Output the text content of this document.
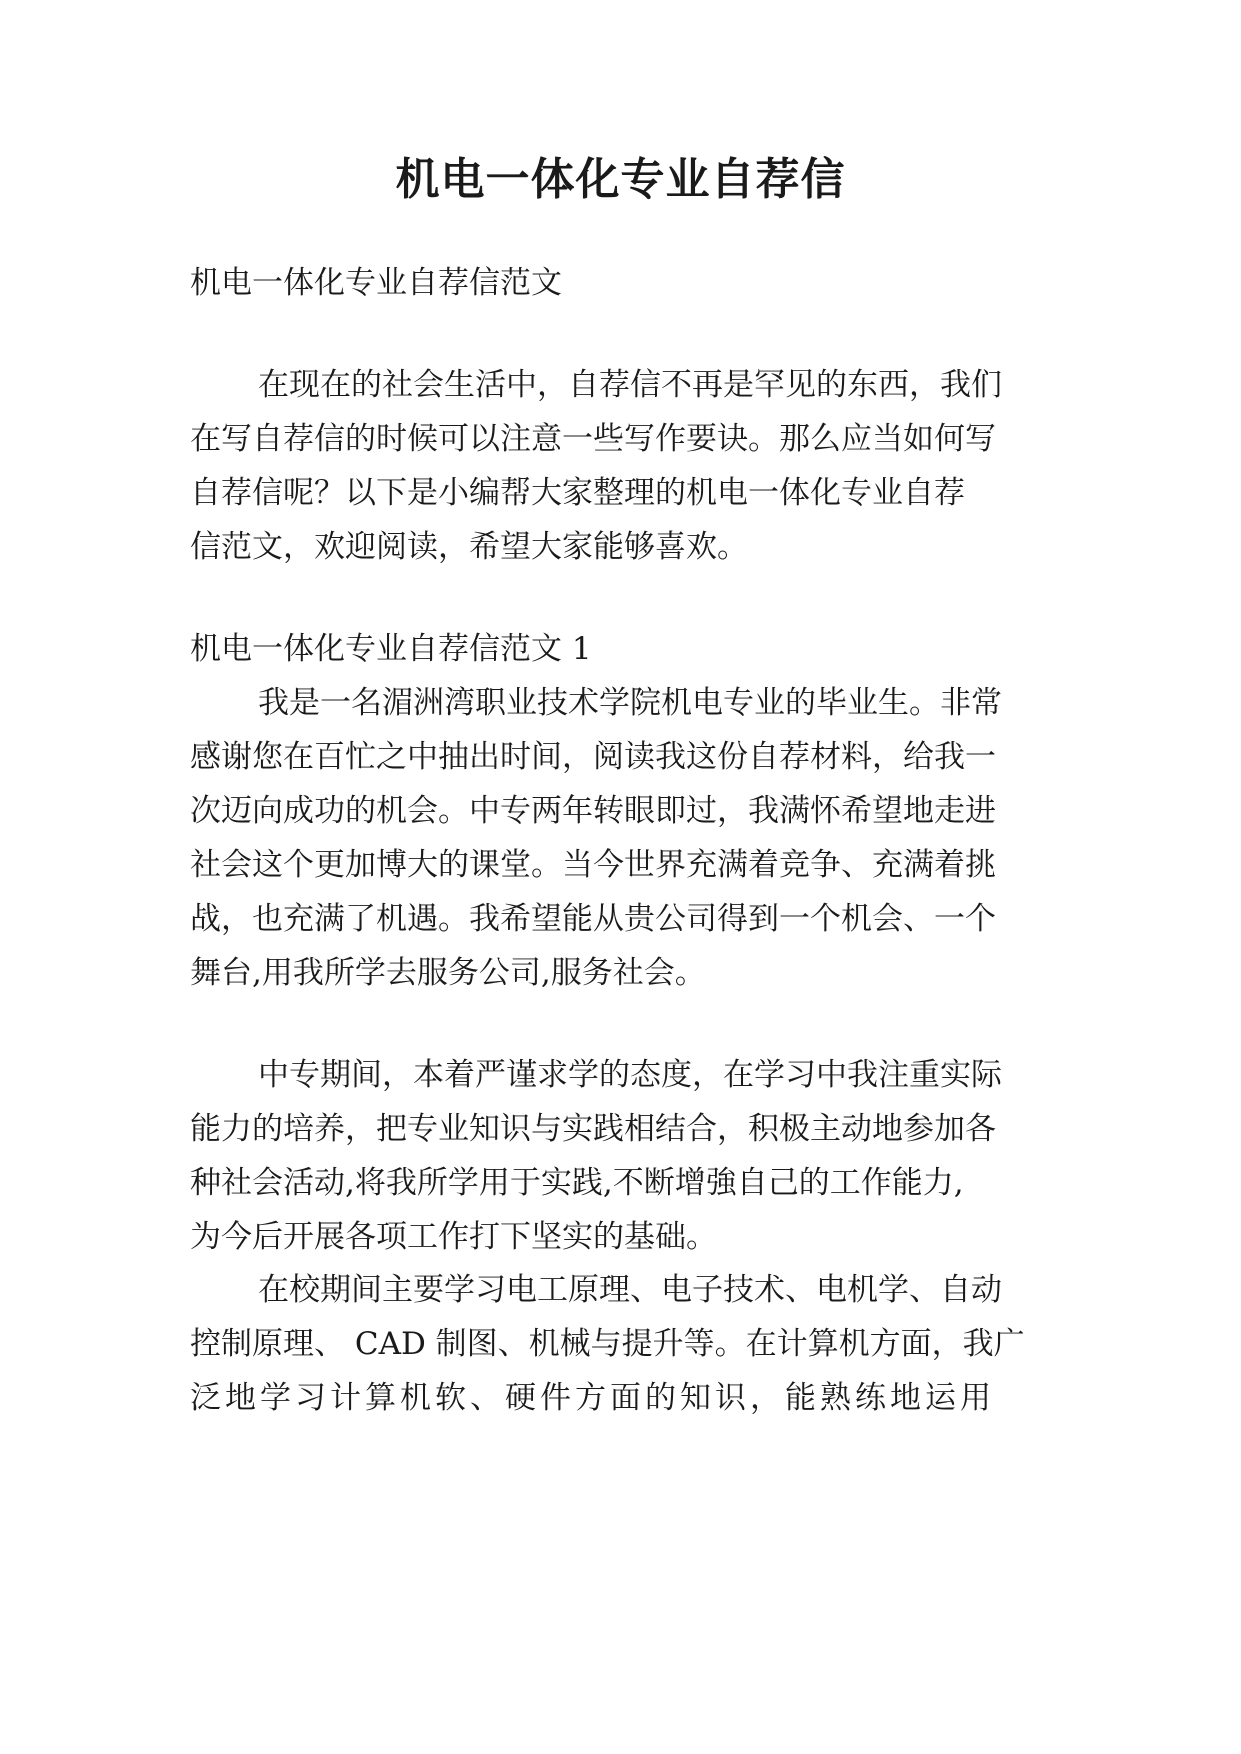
机电一体化专业自荐信

机电一体化专业自荐信范文

在现在的社会生活中，自荐信不再是罕见的东西，我们

在写自荐信的时候可以注意一些写作要诀。那么应当如何写

自荐信呢？以下是小编帮大家整理的机电一体化专业自荐

信范文，欢迎阅读，希望大家能够喜欢。

机电一体化专业自荐信范文 1

我是一名湄洲湾职业技术学院机电专业的毕业生。非常

感谢您在百忙之中抽出时间，阅读我这份自荐材料，给我一

次迈向成功的机会。中专两年转眼即过，我满怀希望地走进

社会这个更加博大的课堂。当今世界充满着竞争、充满着挑

战，也充满了机遇。我希望能从贵公司得到一个机会、一个

舞台,用我所学去服务公司,服务社会。

中专期间，本着严谨求学的态度，在学习中我注重实际

能力的培养，把专业知识与实践相结合，积极主动地参加各

种社会活动,将我所学用于实践,不断增強自己的工作能力,

为今后开展各项工作打下坚实的基础。

在校期间主要学习电工原理、电子技术、电机学、自动

控制原理、 CAD 制图、机械与提升等。在计算机方面，我广

泛地学习计算机软、硬件方面的知识，能熟练地运用
